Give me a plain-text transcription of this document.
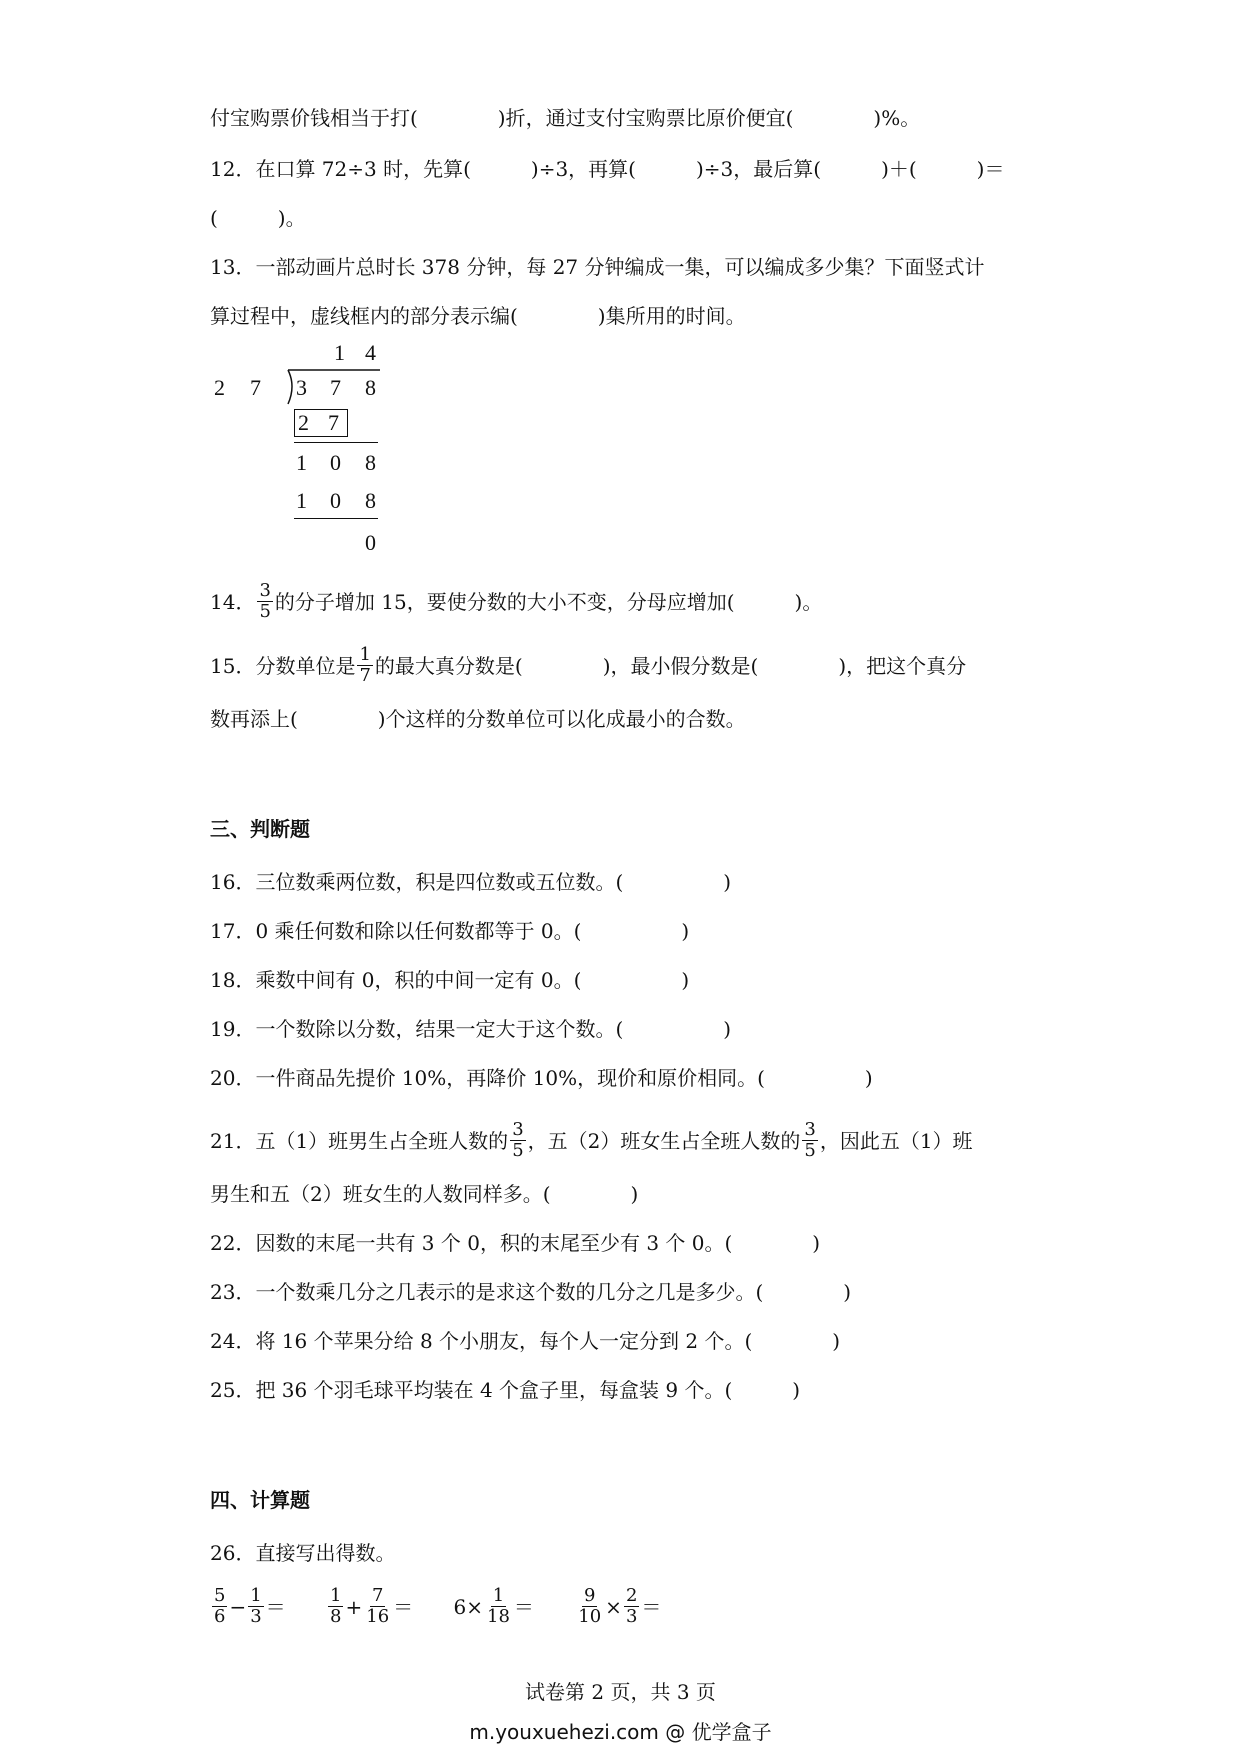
付宝购票价钱相当于打(　　　　)折，通过支付宝购票比原价便宜(　　　　)%。
12．在口算 72÷3 时，先算(　　　)÷3，再算(　　　)÷3，最后算(　　　)＋(　　　)＝
(　　　)。
13．一部动画片总时长 378 分钟，每 27 分钟编成一集，可以编成多少集？下面竖式计
算过程中，虚线框内的部分表示编(　　　　)集所用的时间。
1 4
2 7 3 7 8
2 7
1 0 8
1 0 8
0
14． $\frac{3}{5}$ 的分子增加 15，要使分数的大小不变，分母应增加(　　　)。
15．分数单位是 $\frac{1}{7}$ 的最大真分数是(　　　　)，最小假分数是(　　　　)，把这个真分
数再添上(　　　　)个这样的分数单位可以化成最小的合数。
三、判断题
16．三位数乘两位数，积是四位数或五位数。(　　　　　)
17．0 乘任何数和除以任何数都等于 0。(　　　　　)
18．乘数中间有 0，积的中间一定有 0。(　　　　　)
19．一个数除以分数，结果一定大于这个数。(　　　　　)
20．一件商品先提价 10%，再降价 10%，现价和原价相同。(　　　　　)
21．五（1）班男生占全班人数的 $\frac{3}{5}$ ，五（2）班女生占全班人数的 $\frac{3}{5}$ ，因此五（1）班
男生和五（2）班女生的人数同样多。(　　　　)
22．因数的末尾一共有 3 个 0，积的末尾至少有 3 个 0。(　　　　)
23．一个数乘几分之几表示的是求这个数的几分之几是多少。(　　　　)
24．将 16 个苹果分给 8 个小朋友，每个人一定分到 2 个。(　　　　)
25．把 36 个羽毛球平均装在 4 个盒子里，每盒装 9 个。(　　　)
四、计算题
26．直接写出得数。
$\frac{5}{6} - \frac{1}{3} = \frac{1}{8} + \frac{7}{16} = 6\times \frac{1}{18} = \frac{9}{10} \times \frac{2}{3}$ ＝
试卷第 2 页，共 3 页
m.youxuehezi.com @ 优学盒子
